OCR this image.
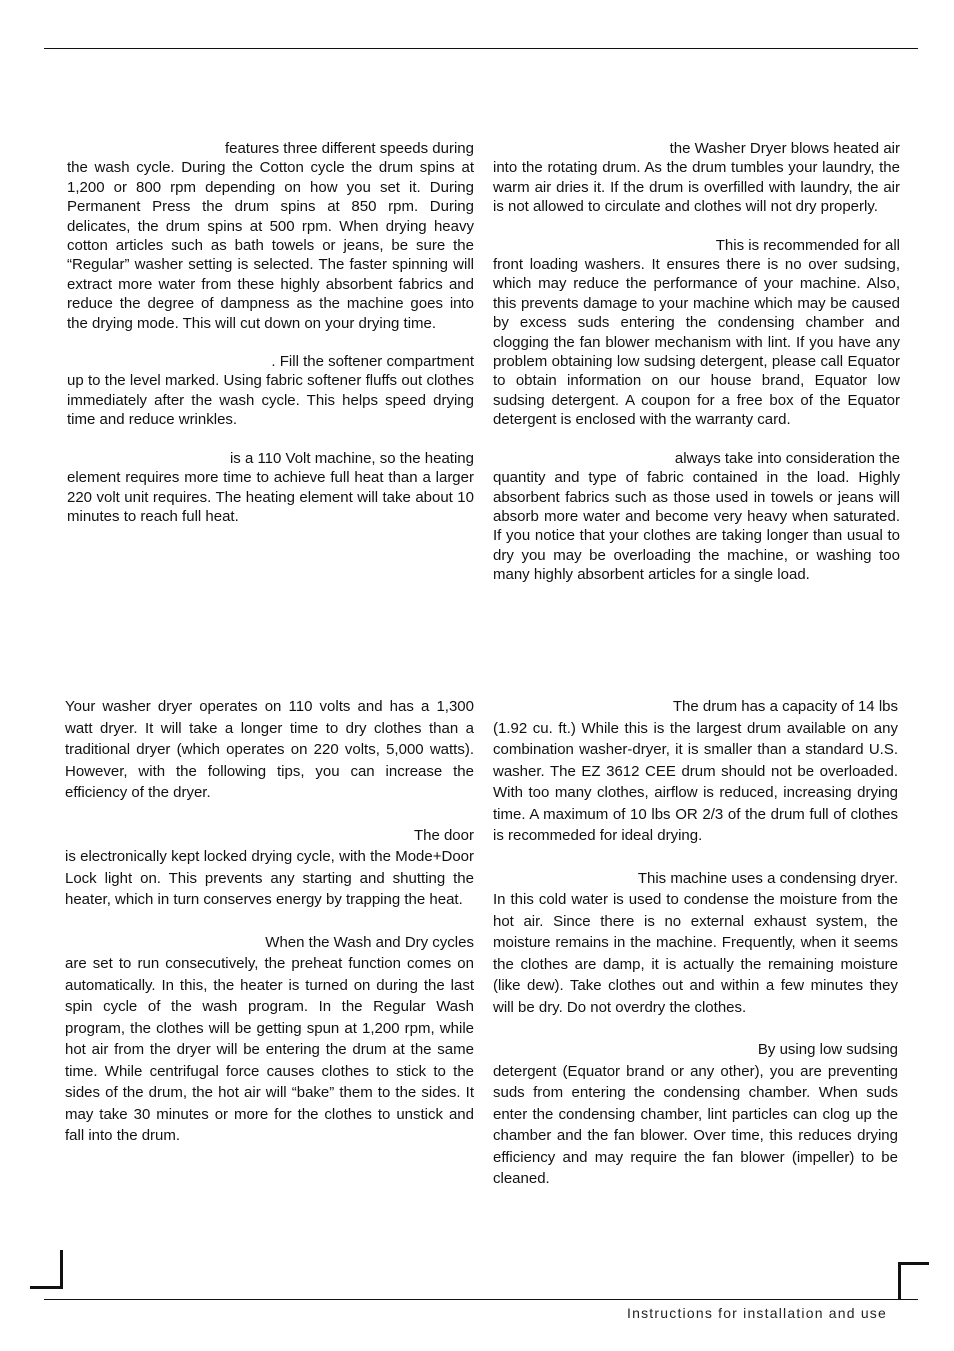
features three different speeds during
the wash cycle. During the Cotton cycle the drum spins at 1,200 or 800 rpm depending on how you set it. During Permanent Press the drum spins at 850 rpm. During delicates, the drum spins at 500 rpm. When drying heavy cotton articles such as bath towels or jeans, be sure the “Regular” washer setting is selected. The faster spinning will extract more water from these highly absorbent fabrics and reduce the degree of dampness as the machine goes into the drying mode. This will cut down on your drying time.

. Fill the softener compartment
up to the level marked. Using fabric softener fluffs out clothes immediately after the wash cycle. This helps speed drying time and reduce wrinkles.

is a 110 Volt machine, so the heating
element requires more time to achieve full heat than a larger 220 volt unit requires. The heating element will take about 10 minutes to reach full heat.

the Washer Dryer blows heated air
into the rotating drum. As the drum tumbles your laundry, the warm air dries it. If the drum is overfilled with laundry, the air is not allowed to circulate and clothes will not dry properly.

This is recommended for all
front loading washers. It ensures there is no over sudsing, which may reduce the performance of your machine. Also, this prevents damage to your machine which may be caused by excess suds entering the condensing chamber and clogging the fan blower mechanism with lint. If you have any problem obtaining low sudsing detergent, please call Equator to obtain information on our house brand, Equator low sudsing detergent. A coupon for a free box of the Equator detergent is enclosed with the warranty card.

always take into consideration the
quantity and type of fabric contained in the load. Highly absorbent fabrics such as those used in towels or jeans will absorb more water and become very heavy when saturated. If you notice that your clothes are taking longer than usual to dry you may be overloading the machine, or washing too many highly absorbent articles for a single load.

Your washer dryer operates on 110 volts and has a 1,300 watt dryer. It will take a longer time to dry clothes than a traditional dryer (which operates on 220 volts, 5,000 watts). However, with the following tips, you can increase the efficiency of the dryer.

The door
is electronically kept locked drying cycle, with the Mode+Door Lock light on. This prevents any starting and shutting the heater, which in turn conserves energy by trapping the heat.

When the Wash and Dry cycles
are set to run consecutively, the preheat function comes on automatically. In this, the heater is turned on during the last spin cycle of the wash program. In the Regular Wash program, the clothes will be getting spun at 1,200 rpm, while hot air from the dryer will be entering the drum at the same time. While centrifugal force causes clothes to stick to the sides of the drum, the hot air will “bake” them to the sides. It may take 30 minutes or more for the clothes to unstick and fall into the drum.

The drum has a capacity of 14 lbs
(1.92 cu. ft.) While this is the largest drum available on any combination washer-dryer, it is smaller than a standard U.S. washer. The EZ 3612 CEE drum should not be overloaded. With too many clothes, airflow is reduced, increasing drying time. A maximum of 10 lbs OR 2/3 of the drum full of clothes is recommeded for ideal drying.

This machine uses a condensing dryer.
In this cold water is used to condense the moisture from the hot air. Since there is no external exhaust system, the moisture remains in the machine. Frequently, when it seems the clothes are damp, it is actually the remaining moisture (like dew). Take clothes out and within a few minutes they will be dry. Do not overdry the clothes.

By using low sudsing
detergent (Equator brand or any other), you are preventing suds from entering the condensing chamber. When suds enter the condensing chamber, lint particles can clog up the chamber and the fan blower. Over time, this reduces drying efficiency and may require the fan blower (impeller) to be cleaned.

Instructions for installation and use
